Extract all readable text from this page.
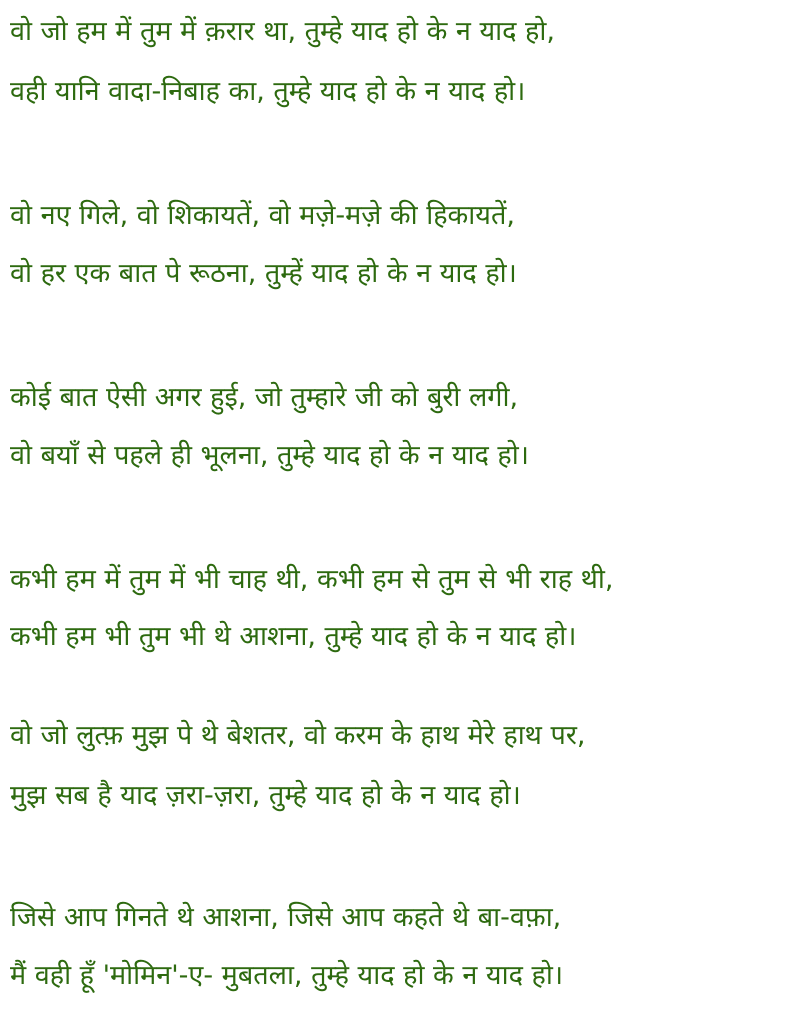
वो जो हम में तुम में क़रार था, तुम्हे याद हो के न याद हो,

वही यानि वादा-निबाह का, तुम्हे याद हो के न याद हो।

वो नए गिले, वो शिकायतें, वो मज़े-मज़े की हिकायतें,

वो हर एक बात पे रूठना, तुम्हें याद हो के न याद हो।

कोई बात ऐसी अगर हुई, जो तुम्हारे जी को बुरी लगी,

वो बयाँ से पहले ही भूलना, तुम्हे याद हो के न याद हो।

कभी हम में तुम में भी चाह थी, कभी हम से तुम से भी राह थी,

कभी हम भी तुम भी थे आशना, तुम्हे याद हो के न याद हो।

वो जो लुत्फ़ मुझ पे थे बेशतर, वो करम के हाथ मेरे हाथ पर,

मुझ सब है याद ज़रा-ज़रा, तुम्हे याद हो के न याद हो।

जिसे आप गिनते थे आशना, जिसे आप कहते थे बा-वफ़ा,

मैं वही हूँ 'मोमिन'-ए- मुबतला, तुम्हे याद हो के न याद हो।
